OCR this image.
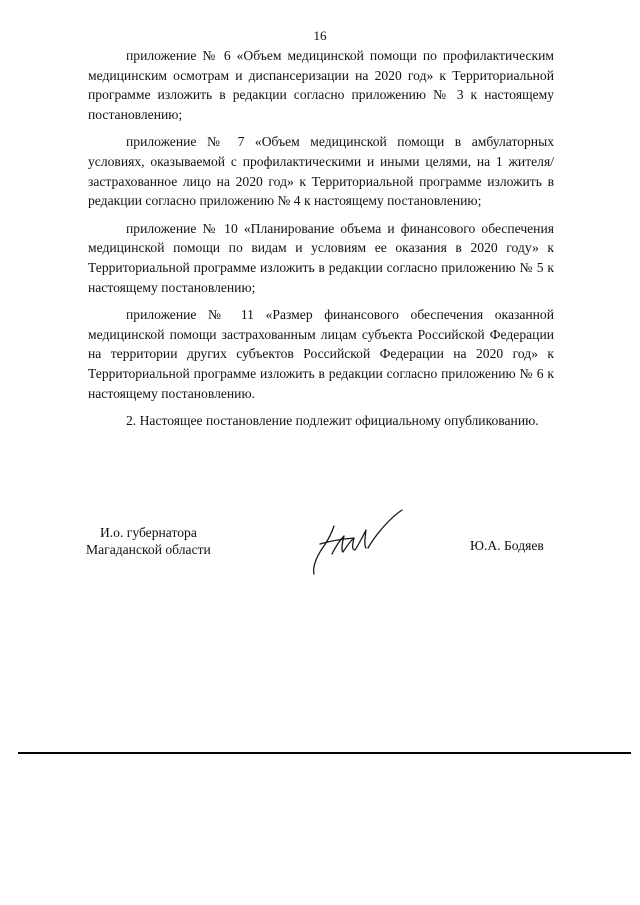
16

приложение № 6 «Объем медицинской помощи по профилактическим медицинским осмотрам и диспансеризации на 2020 год» к Территориальной программе изложить в редакции согласно приложению № 3 к настоящему постановлению;

приложение № 7 «Объем медицинской помощи в амбулаторных условиях, оказываемой с профилактическими и иными целями, на 1 жителя/застрахованное лицо на 2020 год» к Территориальной программе изложить в редакции согласно приложению № 4 к настоящему постановлению;

приложение № 10 «Планирование объема и финансового обеспечения медицинской помощи по видам и условиям ее оказания в 2020 году» к Территориальной программе изложить в редакции согласно приложению № 5 к настоящему постановлению;

приложение № 11 «Размер финансового обеспечения оказанной медицинской помощи застрахованным лицам субъекта Российской Федерации на территории других субъектов Российской Федерации на 2020 год» к Территориальной программе изложить в редакции согласно приложению № 6 к настоящему постановлению.

2. Настоящее постановление подлежит официальному опубликованию.

И.о. губернатора
Магаданской области	Ю.А. Бодяев
